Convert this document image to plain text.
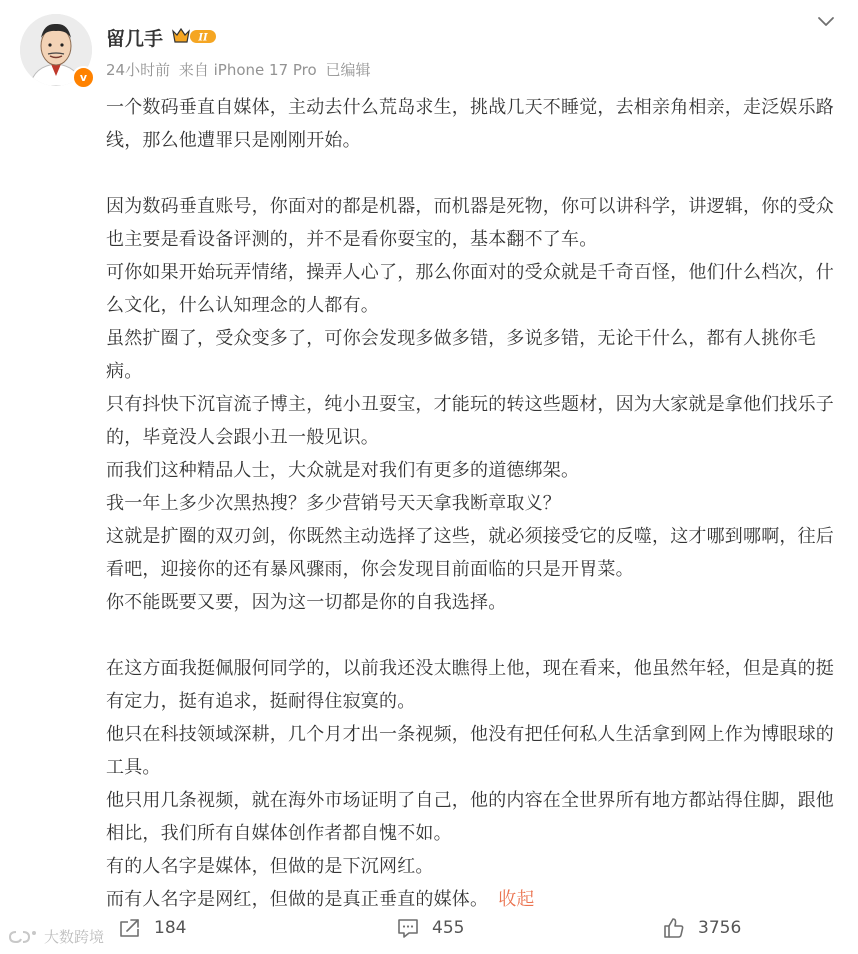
v
留几手	II
24小时前 来自 iPhone 17 Pro 已编辑

一个数码垂直自媒体，主动去什么荒岛求生，挑战几天不睡觉，去相亲角相亲，走泛娱乐路线，那么他遭罪只是刚刚开始。

因为数码垂直账号，你面对的都是机器，而机器是死物，你可以讲科学，讲逻辑，你的受众也主要是看设备评测的，并不是看你耍宝的，基本翻不了车。

可你如果开始玩弄情绪，操弄人心了，那么你面对的受众就是千奇百怪，他们什么档次，什么文化，什么认知理念的人都有。

虽然扩圈了，受众变多了，可你会发现多做多错，多说多错，无论干什么，都有人挑你毛病。

只有抖快下沉盲流子博主，纯小丑耍宝，才能玩的转这些题材，因为大家就是拿他们找乐子的，毕竟没人会跟小丑一般见识。

而我们这种精品人士，大众就是对我们有更多的道德绑架。

我一年上多少次黑热搜？多少营销号天天拿我断章取义？

这就是扩圈的双刃剑，你既然主动选择了这些，就必须接受它的反噬，这才哪到哪啊，往后看吧，迎接你的还有暴风骤雨，你会发现目前面临的只是开胃菜。

你不能既要又要，因为这一切都是你的自我选择。

在这方面我挺佩服何同学的，以前我还没太瞧得上他，现在看来，他虽然年轻，但是真的挺有定力，挺有追求，挺耐得住寂寞的。

他只在科技领域深耕，几个月才出一条视频，他没有把任何私人生活拿到网上作为博眼球的工具。

他只用几条视频，就在海外市场证明了自己，他的内容在全世界所有地方都站得住脚，跟他相比，我们所有自媒体创作者都自愧不如。

有的人名字是媒体，但做的是下沉网红。

而有人名字是网红，但做的是真正垂直的媒体。 收起

大数跨境	184	455	3756
